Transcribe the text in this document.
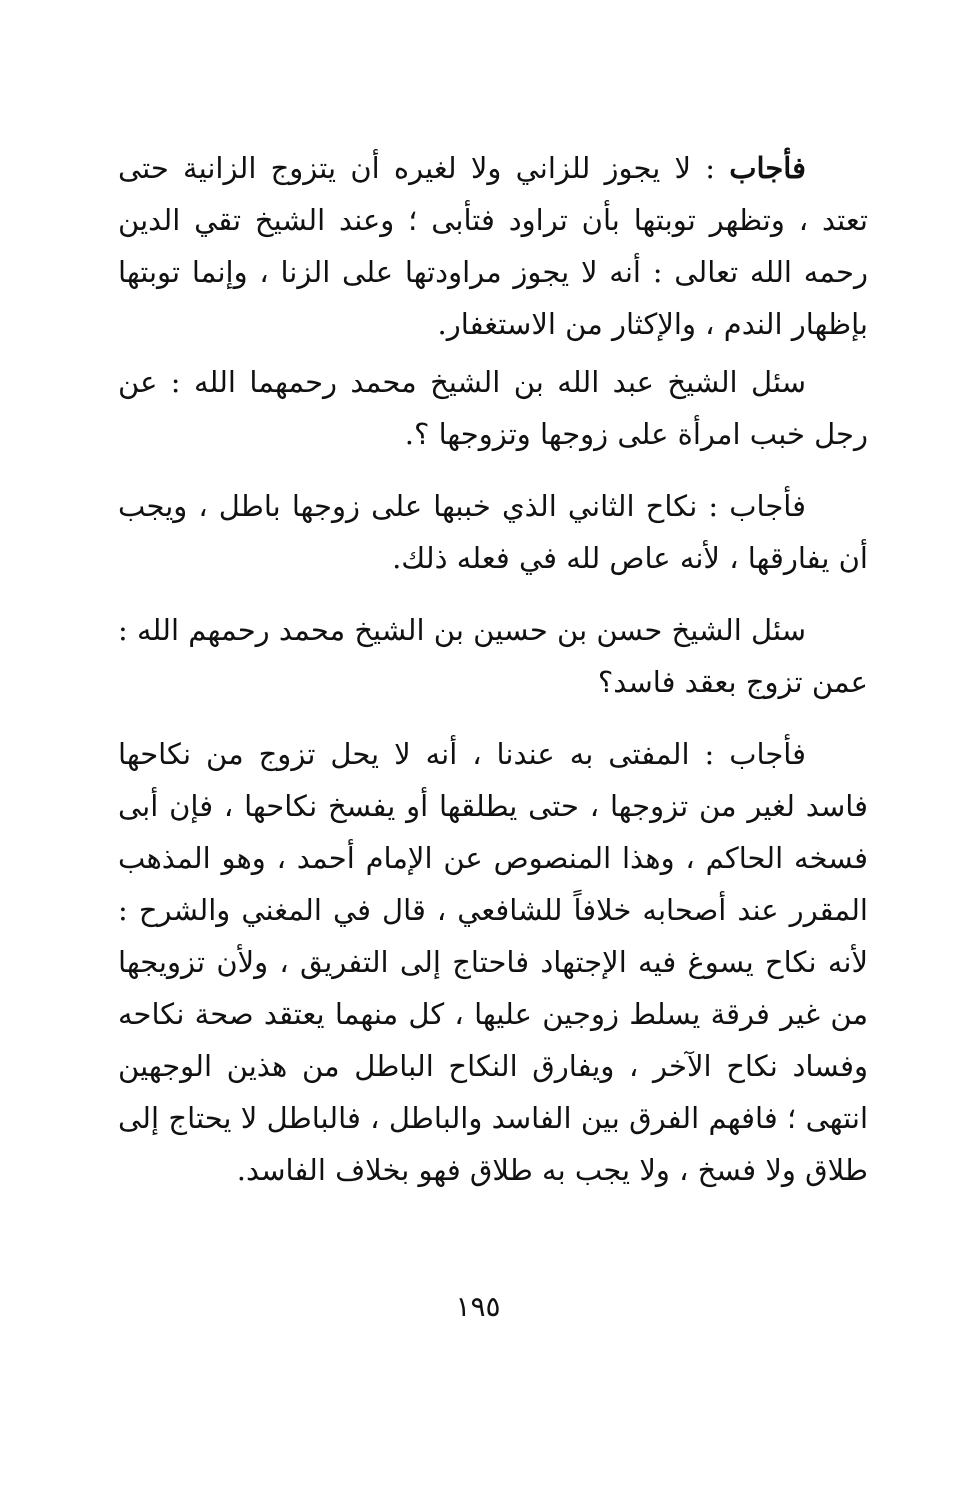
فأجاب : لا يجوز للزاني ولا لغيره أن يتزوج الزانية حتى تعتد ، وتظهر توبتها بأن تراود فتأبى ؛ وعند الشيخ تقي الدين رحمه الله تعالى : أنه لا يجوز مراودتها على الزنا ، وإنما توبتها بإظهار الندم ، والإكثار من الاستغفار.

سئل الشيخ عبد الله بن الشيخ محمد رحمهما الله : عن رجل خبب امرأة على زوجها وتزوجها ؟.

فأجاب : نكاح الثاني الذي خببها على زوجها باطل ، ويجب أن يفارقها ، لأنه عاص لله في فعله ذلك.

سئل الشيخ حسن بن حسين بن الشيخ محمد رحمهم الله : عمن تزوج بعقد فاسد؟

فأجاب : المفتى به عندنا ، أنه لا يحل تزوج من نكاحها فاسد لغير من تزوجها ، حتى يطلقها أو يفسخ نكاحها ، فإن أبى فسخه الحاكم ، وهذا المنصوص عن الإمام أحمد ، وهو المذهب المقرر عند أصحابه خلافاً للشافعي ، قال في المغني والشرح : لأنه نكاح يسوغ فيه الإجتهاد فاحتاج إلى التفريق ، ولأن تزويجها من غير فرقة يسلط زوجين عليها ، كل منهما يعتقد صحة نكاحه وفساد نكاح الآخر ، ويفارق النكاح الباطل من هذين الوجهين انتهى ؛ فافهم الفرق بين الفاسد والباطل ، فالباطل لا يحتاج إلى طلاق ولا فسخ ، ولا يجب به طلاق فهو بخلاف الفاسد.

١٩٥
